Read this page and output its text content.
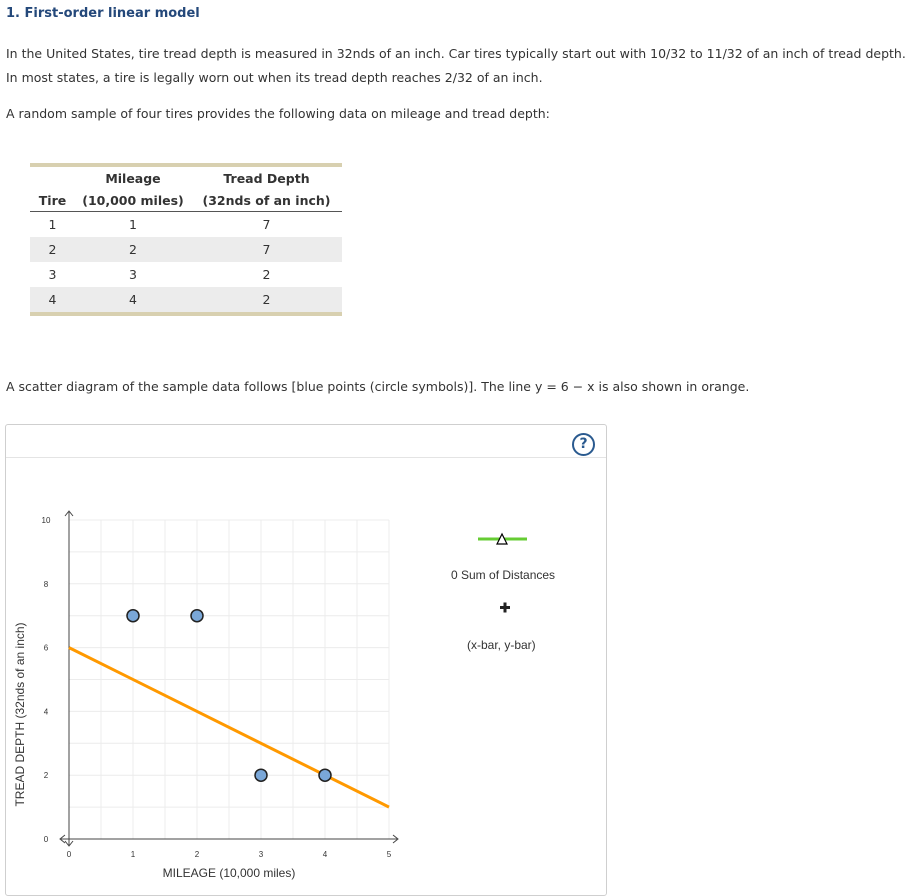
1. First-order linear model
In the United States, tire tread depth is measured in 32nds of an inch. Car tires typically start out with 10/32 to 11/32 of an inch of tread depth. In most states, a tire is legally worn out when its tread depth reaches 2/32 of an inch.
A random sample of four tires provides the following data on mileage and tread depth:
	Mileage	Tread Depth
Tire	(10,000 miles)	(32nds of an inch)
1	1	7
2	2	7
3	3	2
4	4	2
A scatter diagram of the sample data follows [blue points (circle symbols)]. The line y = 6 − x is also shown in orange.
?
0	1	2	3	4	5
0
2
4
6
8
10
MILEAGE (10,000 miles)
TREAD DEPTH (32nds of an inch)
0 Sum of Distances
(x-bar, y-bar)
